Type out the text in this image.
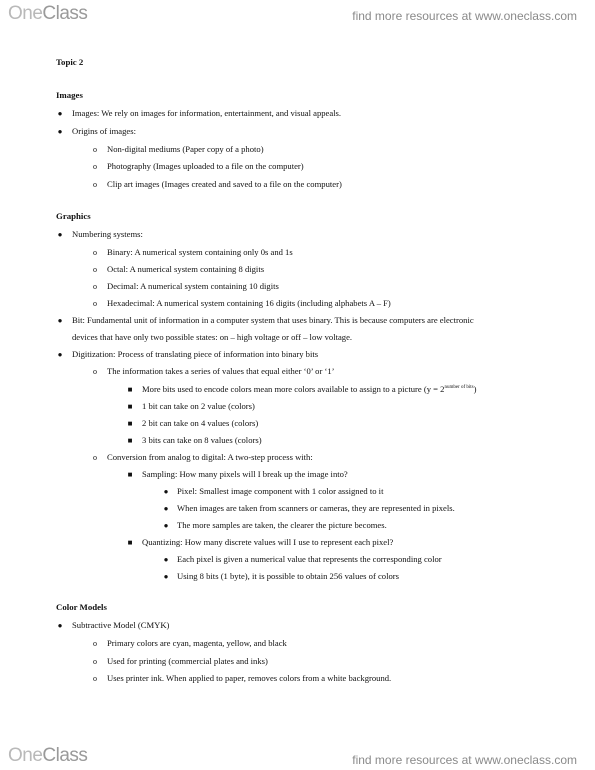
OneClass	find more resources at www.oneclass.com
Topic 2
Images
● Images: We rely on images for information, entertainment, and visual appeals.
● Origins of images:
o	Non-digital mediums (Paper copy of a photo)
o	Photography (Images uploaded to a file on the computer)
o	Clip art images (Images created and saved to a file on the computer)
Graphics
● Numbering systems:
o	Binary: A numerical system containing only 0s and 1s
o	Octal: A numerical system containing 8 digits
o	Decimal: A numerical system containing 10 digits
o	Hexadecimal: A numerical system containing 16 digits (including alphabets A – F)
● Bit: Fundamental unit of information in a computer system that uses binary. This is because computers are electronic
devices that have only two possible states: on – high voltage or off – low voltage.
● Digitization: Process of translating piece of information into binary bits
o	The information takes a series of values that equal either ‘0’ or ‘1’
■ More bits used to encode colors mean more colors available to assign to a picture $(y = 2^{number of bits})$
■ 1 bit can take on 2 value (colors)
■ 2 bit can take on 4 values (colors)
■ 3 bits can take on 8 values (colors)
o	Conversion from analog to digital: A two-step process with:
■ Sampling: How many pixels will I break up the image into?
● Pixel: Smallest image component with 1 color assigned to it
● When images are taken from scanners or cameras, they are represented in pixels.
● The more samples are taken, the clearer the picture becomes.
■ Quantizing: How many discrete values will I use to represent each pixel?
● Each pixel is given a numerical value that represents the corresponding color
● Using 8 bits (1 byte), it is possible to obtain 256 values of colors
Color Models
● Subtractive Model (CMYK)
o	Primary colors are cyan, magenta, yellow, and black
o	Used for printing (commercial plates and inks)
o	Uses printer ink. When applied to paper, removes colors from a white background.
OneClass	find more resources at www.oneclass.com
